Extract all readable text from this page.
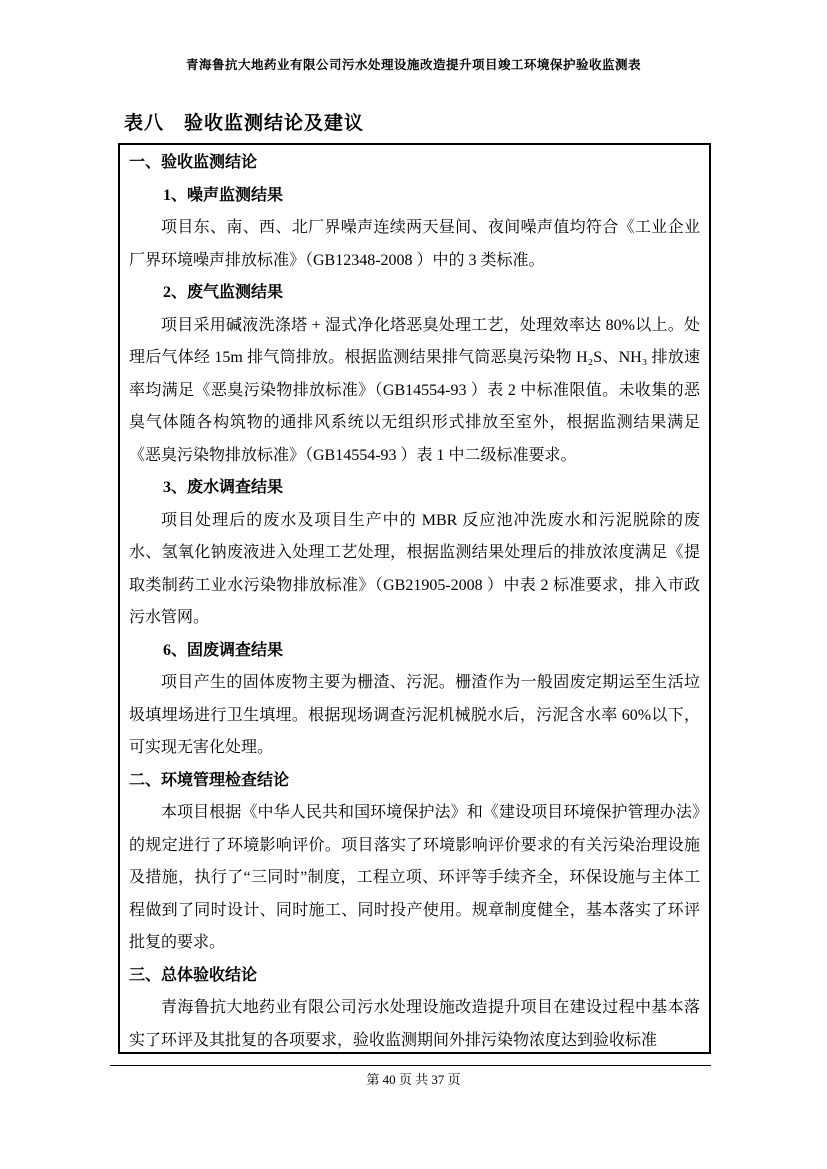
青海鲁抗大地药业有限公司污水处理设施改造提升项目竣工环境保护验收监测表
表八　验收监测结论及建议

一、验收监测结论

1、噪声监测结果

项目东、南、西、北厂界噪声连续两天昼间、夜间噪声值均符合《工业企业厂界环境噪声排放标准》（GB12348-2008 ）中的 3 类标准。

2、废气监测结果

项目采用碱液洗涤塔 + 湿式净化塔恶臭处理工艺，处理效率达 80%以上。处理后气体经 15m 排气筒排放。根据监测结果排气筒恶臭污染物 H₂S、NH₃ 排放速率均满足《恶臭污染物排放标准》（GB14554-93 ）表 2 中标准限值。未收集的恶臭气体随各构筑物的通排风系统以无组织形式排放至室外，根据监测结果满足《恶臭污染物排放标准》（GB14554-93 ）表 1 中二级标准要求。

3、废水调查结果

项目处理后的废水及项目生产中的 MBR 反应池冲洗废水和污泥脱除的废水、氢氧化钠废液进入处理工艺处理，根据监测结果处理后的排放浓度满足《提取类制药工业水污染物排放标准》（GB21905-2008 ）中表 2 标准要求，排入市政污水管网。

6、固废调查结果

项目产生的固体废物主要为栅渣、污泥。栅渣作为一般固废定期运至生活垃圾填埋场进行卫生填埋。根据现场调查污泥机械脱水后，污泥含水率 60%以下，可实现无害化处理。

二、环境管理检查结论

本项目根据《中华人民共和国环境保护法》和《建设项目环境保护管理办法》的规定进行了环境影响评价。项目落实了环境影响评价要求的有关污染治理设施及措施，执行了“三同时”制度，工程立项、环评等手续齐全，环保设施与主体工程做到了同时设计、同时施工、同时投产使用。规章制度健全，基本落实了环评批复的要求。

三、总体验收结论

青海鲁抗大地药业有限公司污水处理设施改造提升项目在建设过程中基本落实了环评及其批复的各项要求，验收监测期间外排污染物浓度达到验收标准

第 40 页 共 37 页
